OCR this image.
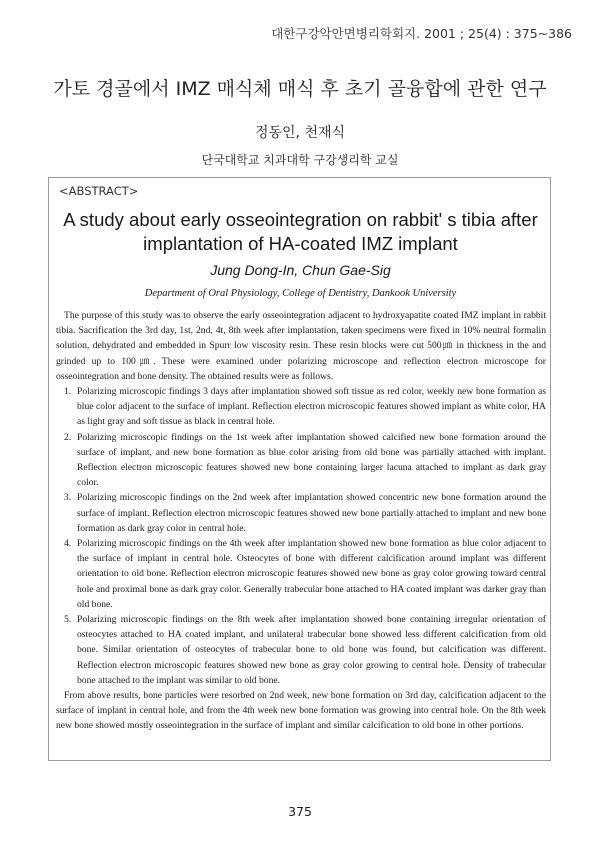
대한구강악안면병리학회지. 2001 ; 25(4) : 375~386
가토 경골에서 IMZ 매식체 매식 후 초기 골융합에 관한 연구
정동인, 천재식
단국대학교 치과대학 구강생리학 교실
<ABSTRACT>
A study about early osseointegration on rabbit' s tibia after implantation of HA-coated IMZ implant
Jung Dong-In, Chun Gae-Sig
Department of Oral Physiology, College of Dentistry, Dankook University

The purpose of this study was to observe the early osseointegration adjacent to hydroxyapatite coated IMZ implant in rabbit tibia. Sacrification the 3rd day, 1st, 2nd, 4t, 8th week after implantation, taken specimens were fixed in 10% neutral formalin solution, dehydrated and embedded in Spurr low viscosity resin. These resin blocks were cut 500㎛ in thickness in the and grinded up to 100㎛. These were examined under polarizing microscope and reflection electron microscope for osseointegration and bone density. The obtained results were as follows.

1. Polarizing microscopic findings 3 days after implantation showed soft tissue as red color, weekly new bone formation as blue color adjacent to the surface of implant. Reflection electron microscopic features showed implant as white color, HA as light gray and soft tissue as black in central hole.
2. Polarizing microscopic findings on the 1st week after implantation showed calcified new bone formation around the surface of implant, and new bone formation as blue color arising from old bone was partially attached with implant. Reflection electron microscopic features showed new bone containing larger lacuna attached to implant as dark gray color.
3. Polarizing microscopic findings on the 2nd week after implantation showed concentric new bone formation around the surface of implant. Reflection electron microscopic features showed new bone partially attached to implant and new bone formation as dark gray color in central hole.
4. Polarizing microscopic findings on the 4th week after implantation showed new bone formation as blue color adjacent to the surface of implant in central hole. Osteocytes of bone with different calcification around implant was different orientation to old bone. Reflection electron microscopic features showed new bone as gray color growing toward central hole and proximal bone as dark gray color. Generally trabecular bone attached to HA coated implant was darker gray than old bone.
5. Polarizing microscopic findings on the 8th week after implantation showed bone containing irregular orientation of osteocytes attached to HA coated implant, and unilateral trabecular bone showed less different calcification from old bone. Similar orientation of osteocytes of trabecular bone to old bone was found, but calcification was different. Reflection electron microscopic features showed new bone as gray color growing to central hole. Density of trabecular bone attached to the implant was similar to old bone.

From above results, bone particles were resorbed on 2nd week, new bone formation on 3rd day, calcification adjacent to the surface of implant in central hole, and from the 4th week new bone formation was growing into central hole. On the 8th week new bone showed mostly osseointegration in the surface of implant and similar calcification to old bone in other portions.

375
